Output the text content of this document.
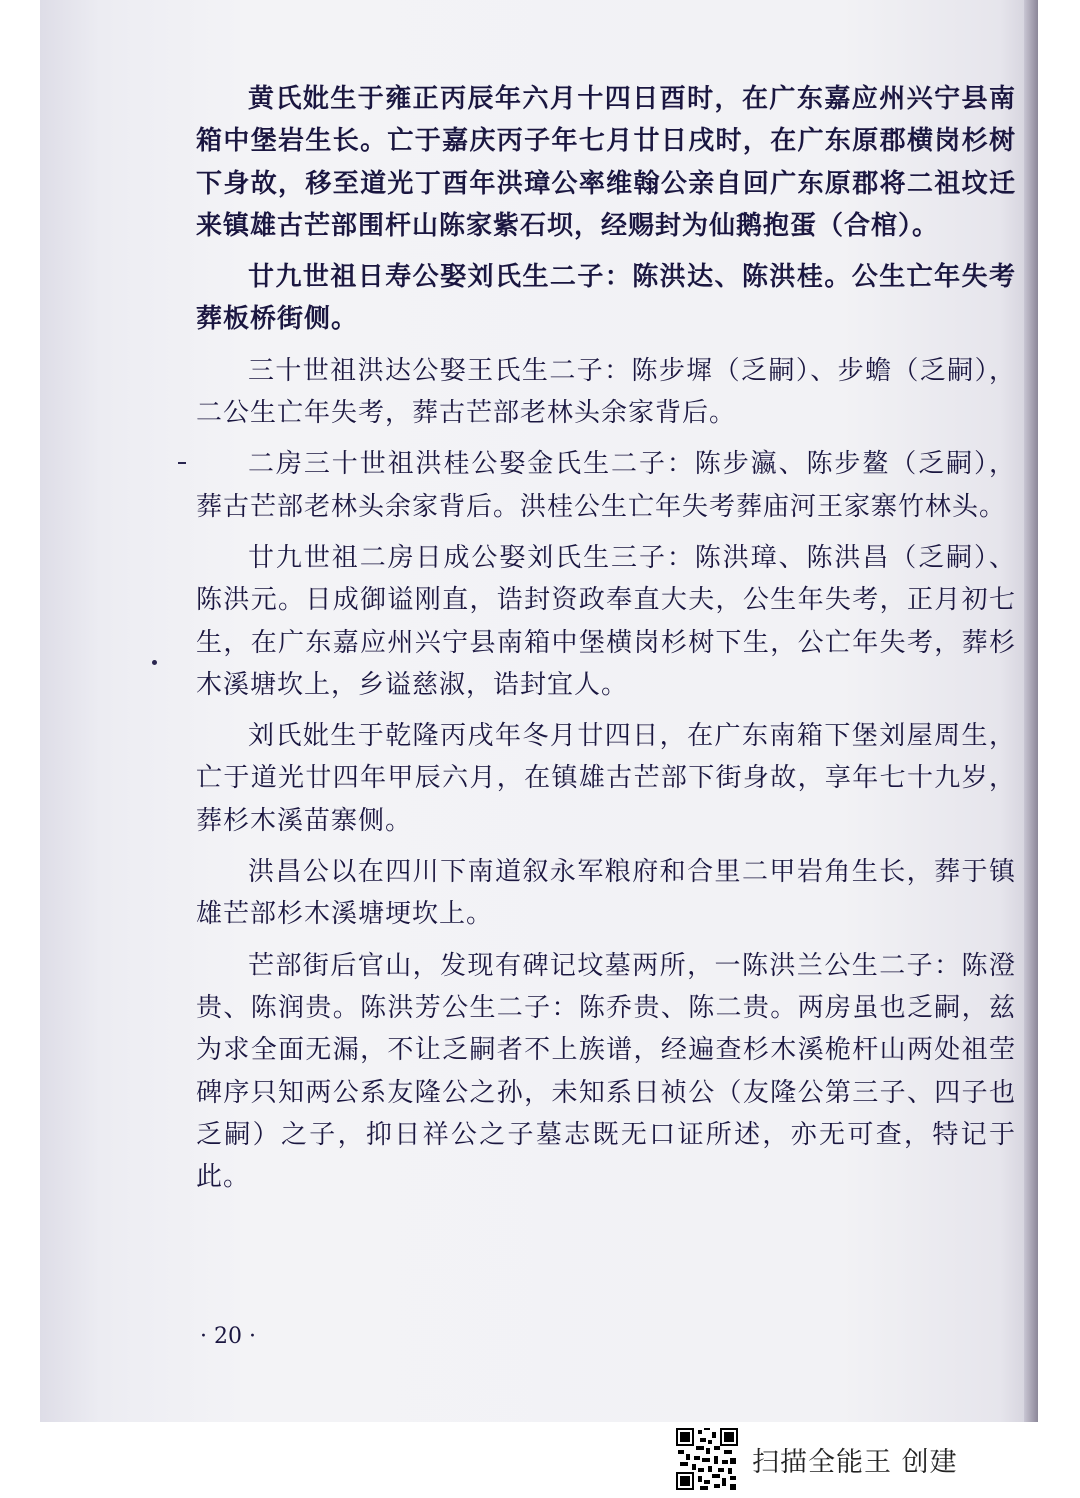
黄氏妣生于雍正丙辰年六月十四日酉时，在广东嘉应州兴宁县南箱中堡岩生长。亡于嘉庆丙子年七月廿日戌时，在广东原郡横岗杉树下身故，移至道光丁酉年洪璋公率维翰公亲自回广东原郡将二祖坟迁来镇雄古芒部围杆山陈家紫石坝，经赐封为仙鹅抱蛋（合棺）。

廿九世祖日寿公娶刘氏生二子：陈洪达、陈洪桂。公生亡年失考葬板桥街侧。

三十世祖洪达公娶王氏生二子：陈步墀（乏嗣）、步蟾（乏嗣），二公生亡年失考，葬古芒部老林头余家背后。

二房三十世祖洪桂公娶金氏生二子：陈步瀛、陈步鳌（乏嗣），葬古芒部老林头余家背后。洪桂公生亡年失考葬庙河王家寨竹林头。

廿九世祖二房日成公娶刘氏生三子：陈洪璋、陈洪昌（乏嗣）、陈洪元。日成御谥刚直，诰封资政奉直大夫，公生年失考，正月初七生，在广东嘉应州兴宁县南箱中堡横岗杉树下生，公亡年失考，葬杉木溪塘坎上，乡谥慈淑，诰封宜人。

刘氏妣生于乾隆丙戌年冬月廿四日，在广东南箱下堡刘屋周生，亡于道光廿四年甲辰六月，在镇雄古芒部下街身故，享年七十九岁，葬杉木溪苗寨侧。

洪昌公以在四川下南道叙永军粮府和合里二甲岩角生长，葬于镇雄芒部杉木溪塘埂坎上。

芒部街后官山，发现有碑记坟墓两所，一陈洪兰公生二子：陈澄贵、陈润贵。陈洪芳公生二子：陈乔贵、陈二贵。两房虽也乏嗣，兹为求全面无漏，不让乏嗣者不上族谱，经遍查杉木溪桅杆山两处祖茔碑序只知两公系友隆公之孙，未知系日祯公（友隆公第三子、四子也乏嗣）之子，抑日祥公之子墓志既无口证所述，亦无可查，特记于此。

· 20 ·
扫描全能王 创建
